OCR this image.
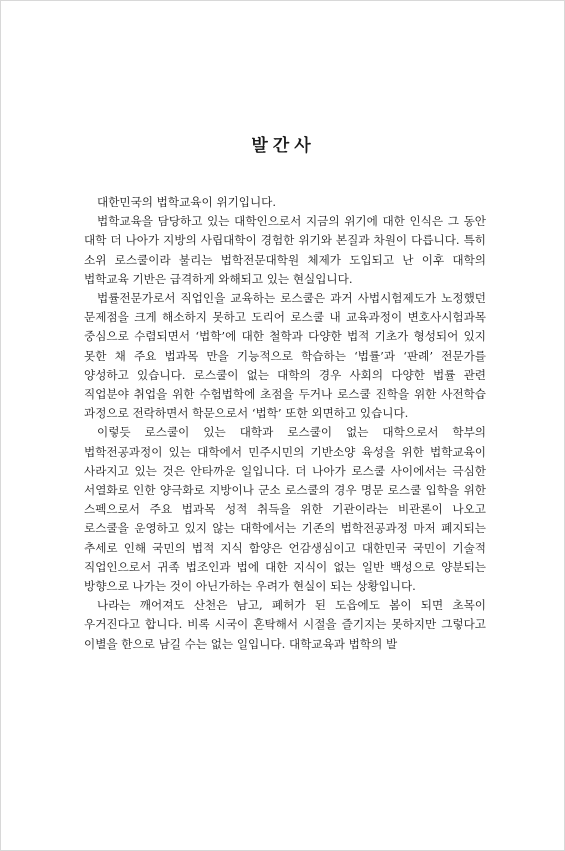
발간사

대한민국의 법학교육이 위기입니다.

법학교육을 담당하고 있는 대학인으로서 지금의 위기에 대한 인식은 그 동안 대학 더 나아가 지방의 사립대학이 경험한 위기와 본질과 차원이 다릅니다. 특히 소위 로스쿨이라 불리는 법학전문대학원 체제가 도입되고 난 이후 대학의 법학교육 기반은 급격하게 와해되고 있는 현실입니다.

법률전문가로서 직업인을 교육하는 로스쿨은 과거 사법시험제도가 노정했던 문제점을 크게 해소하지 못하고 도리어 로스쿨 내 교육과정이 변호사시험과목 중심으로 수렴되면서 ‘법학’에 대한 철학과 다양한 법적 기초가 형성되어 있지 못한 채 주요 법과목 만을 기능적으로 학습하는 ‘법률’과 ‘판례’ 전문가를 양성하고 있습니다. 로스쿨이 없는 대학의 경우 사회의 다양한 법률 관련 직업분야 취업을 위한 수험법학에 초점을 두거나 로스쿨 진학을 위한 사전학습 과정으로 전락하면서 학문으로서 ‘법학’ 또한 외면하고 있습니다.

이렇듯 로스쿨이 있는 대학과 로스쿨이 없는 대학으로서 학부의 법학전공과정이 있는 대학에서 민주시민의 기반소양 육성을 위한 법학교육이 사라지고 있는 것은 안타까운 일입니다. 더 나아가 로스쿨 사이에서는 극심한 서열화로 인한 양극화로 지방이나 군소 로스쿨의 경우 명문 로스쿨 입학을 위한 스펙으로서 주요 법과목 성적 취득을 위한 기관이라는 비관론이 나오고 로스쿨을 운영하고 있지 않는 대학에서는 기존의 법학전공과정 마저 폐지되는 추세로 인해 국민의 법적 지식 함양은 언감생심이고 대한민국 국민이 기술적 직업인으로서 귀족 법조인과 법에 대한 지식이 없는 일반 백성으로 양분되는 방향으로 나가는 것이 아닌가하는 우려가 현실이 되는 상황입니다.

나라는 깨어져도 산천은 남고, 폐허가 된 도읍에도 봄이 되면 초목이 우거진다고 합니다. 비록 시국이 혼탁해서 시절을 즐기지는 못하지만 그렇다고 이별을 한으로 남길 수는 없는 일입니다. 대학교육과 법학의 발
